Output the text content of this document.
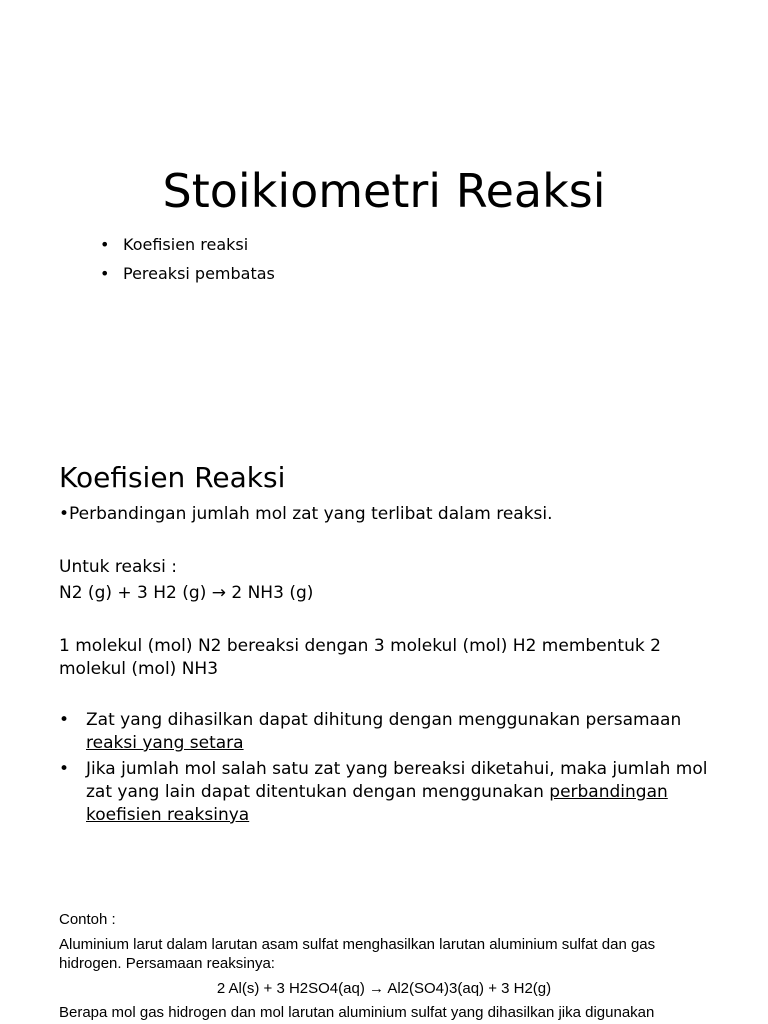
Stoikiometri Reaksi
• Koefisien reaksi
• Pereaksi pembatas
Koefisien Reaksi
•Perbandingan jumlah mol zat yang terlibat dalam reaksi.
Untuk reaksi :
N2 (g) + 3 H2 (g) → 2 NH3 (g)
1 molekul (mol) N2 bereaksi dengan 3 molekul (mol) H2 membentuk 2 molekul (mol) NH3
• Zat yang dihasilkan dapat dihitung dengan menggunakan persamaan reaksi yang setara
• Jika jumlah mol salah satu zat yang bereaksi diketahui, maka jumlah mol zat yang lain dapat ditentukan dengan menggunakan perbandingan koefisien reaksinya
Contoh :
Aluminium larut dalam larutan asam sulfat menghasilkan larutan aluminium sulfat dan gas hidrogen. Persamaan reaksinya:
2 Al(s) + 3 H2SO4(aq) → Al2(SO4)3(aq) + 3 H2(g)
Berapa mol gas hidrogen dan mol larutan aluminium sulfat yang dihasilkan jika digunakan
